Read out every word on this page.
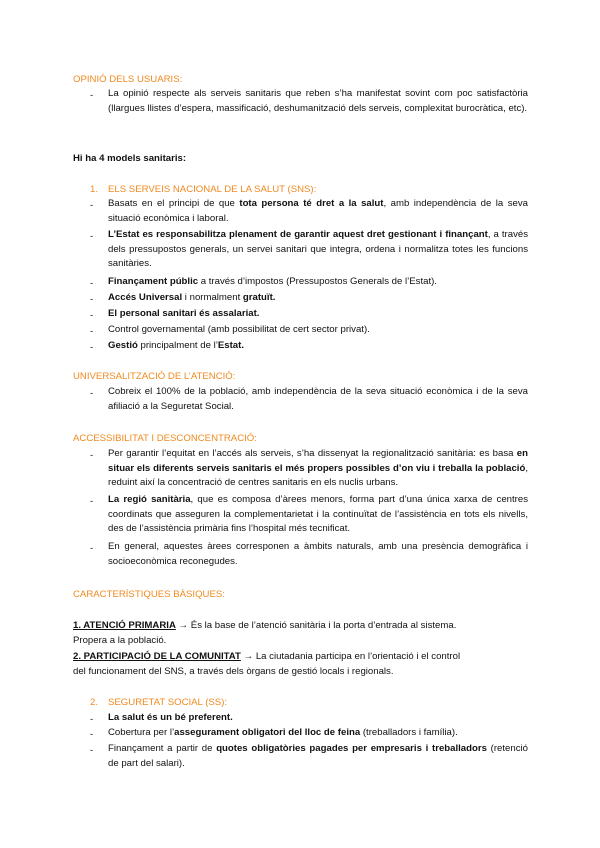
OPINIÓ DELS USUARIS:
- La opinió respecte als serveis sanitaris que reben s’ha manifestat sovint com poc satisfactòria (llargues llistes d’espera, massificació, deshumanització dels serveis, complexitat burocràtica, etc).
Hi ha 4 models sanitaris:
1. ELS SERVEIS NACIONAL DE LA SALUT (SNS):
- Basats en el principi de que tota persona té dret a la salut, amb independència de la seva situació econòmica i laboral.
- L’Estat es responsabilitza plenament de garantir aquest dret gestionant i finançant, a través dels pressupostos generals, un servei sanitari que integra, ordena i normalitza totes les funcions sanitàries.
- Finançament públic a través d’impostos (Pressupostos Generals de l’Estat).
- Accés Universal i normalment gratuït.
- El personal sanitari és assalariat.
- Control governamental (amb possibilitat de cert sector privat).
- Gestió principalment de l’Estat.
UNIVERSALITZACIÓ DE L’ATENCIÓ:
- Cobreix el 100% de la població, amb independència de la seva situació econòmica i de la seva afiliació a la Seguretat Social.
ACCESSIBILITAT I DESCONCENTRACIÓ:
- Per garantir l’equitat en l’accés als serveis, s’ha dissenyat la regionalització sanitària: es basa en situar els diferents serveis sanitaris el més propers possibles d’on viu i treballa la població, reduint així la concentració de centres sanitaris en els nuclis urbans.
- La regió sanitària, que es composa d’àrees menors, forma part d’una única xarxa de centres coordinats que asseguren la complementarietat i la continuïtat de l’assistència en tots els nivells, des de l’assistència primària fins l’hospital més tecnificat.
- En general, aquestes àrees corresponen a àmbits naturals, amb una presència demogràfica i socioeconòmica reconegudes.
CARACTERÍSTIQUES BÀSIQUES:
1. ATENCIÓ PRIMARIA → És la base de l’atenció sanitària i la porta d’entrada al sistema.
Propera a la població.
2. PARTICIPACIÓ DE LA COMUNITAT → La ciutadania participa en l’orientació i el control
del funcionament del SNS, a través dels òrgans de gestió locals i regionals.
2. SEGURETAT SOCIAL (SS):
- La salut és un bé preferent.
- Cobertura per l’assegurament obligatori del lloc de feina (treballadors i família).
- Finançament a partir de quotes obligatòries pagades per empresaris i treballadors (retenció de part del salari).
